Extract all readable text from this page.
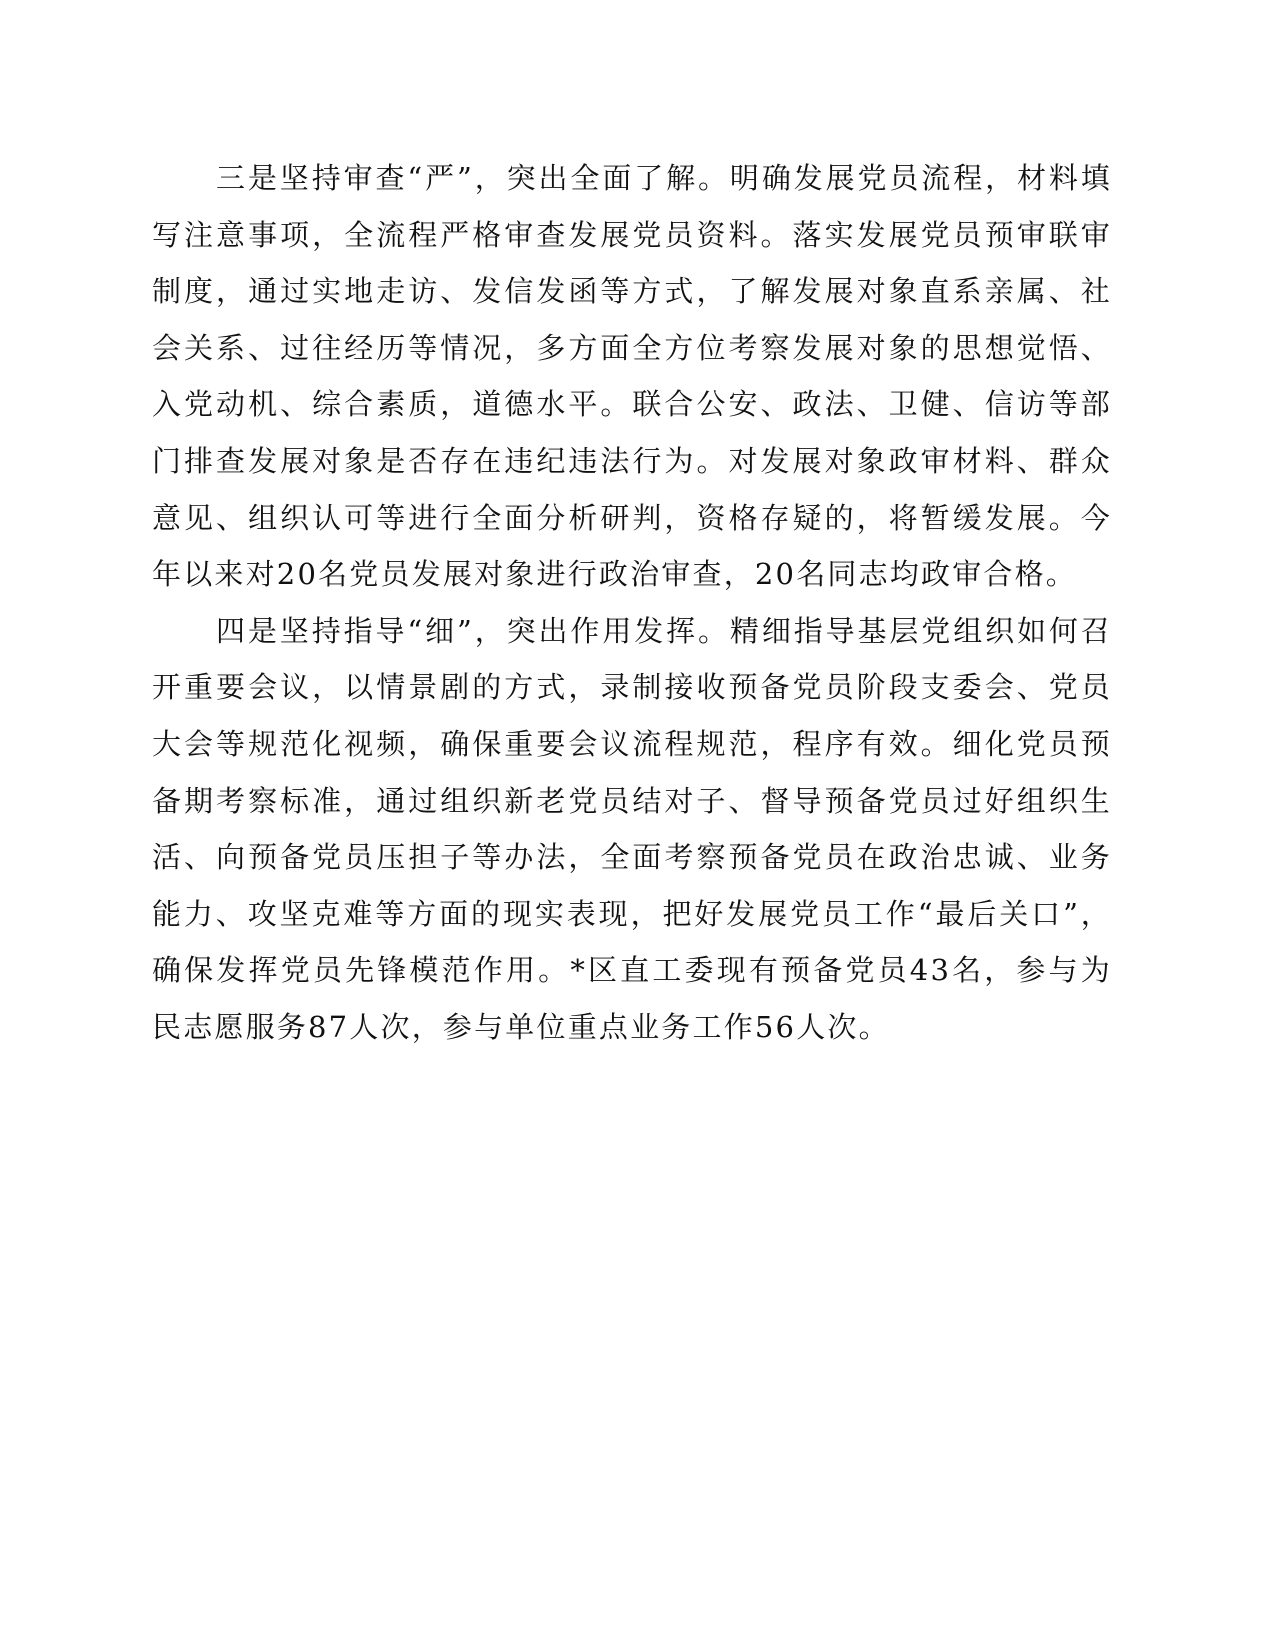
三是坚持审查“严”，突出全面了解。明确发展党员流程，材料填写注意事项，全流程严格审查发展党员资料。落实发展党员预审联审制度，通过实地走访、发信发函等方式，了解发展对象直系亲属、社会关系、过往经历等情况，多方面全方位考察发展对象的思想觉悟、入党动机、综合素质，道德水平。联合公安、政法、卫健、信访等部门排查发展对象是否存在违纪违法行为。对发展对象政审材料、群众意见、组织认可等进行全面分析研判，资格存疑的，将暂缓发展。今年以来对20名党员发展对象进行政治审查，20名同志均政审合格。

四是坚持指导“细”，突出作用发挥。精细指导基层党组织如何召开重要会议，以情景剧的方式，录制接收预备党员阶段支委会、党员大会等规范化视频，确保重要会议流程规范，程序有效。细化党员预备期考察标准，通过组织新老党员结对子、督导预备党员过好组织生活、向预备党员压担子等办法，全面考察预备党员在政治忠诚、业务能力、攻坚克难等方面的现实表现，把好发展党员工作“最后关口”，确保发挥党员先锋模范作用。*区直工委现有预备党员43名，参与为民志愿服务87人次，参与单位重点业务工作56人次。
